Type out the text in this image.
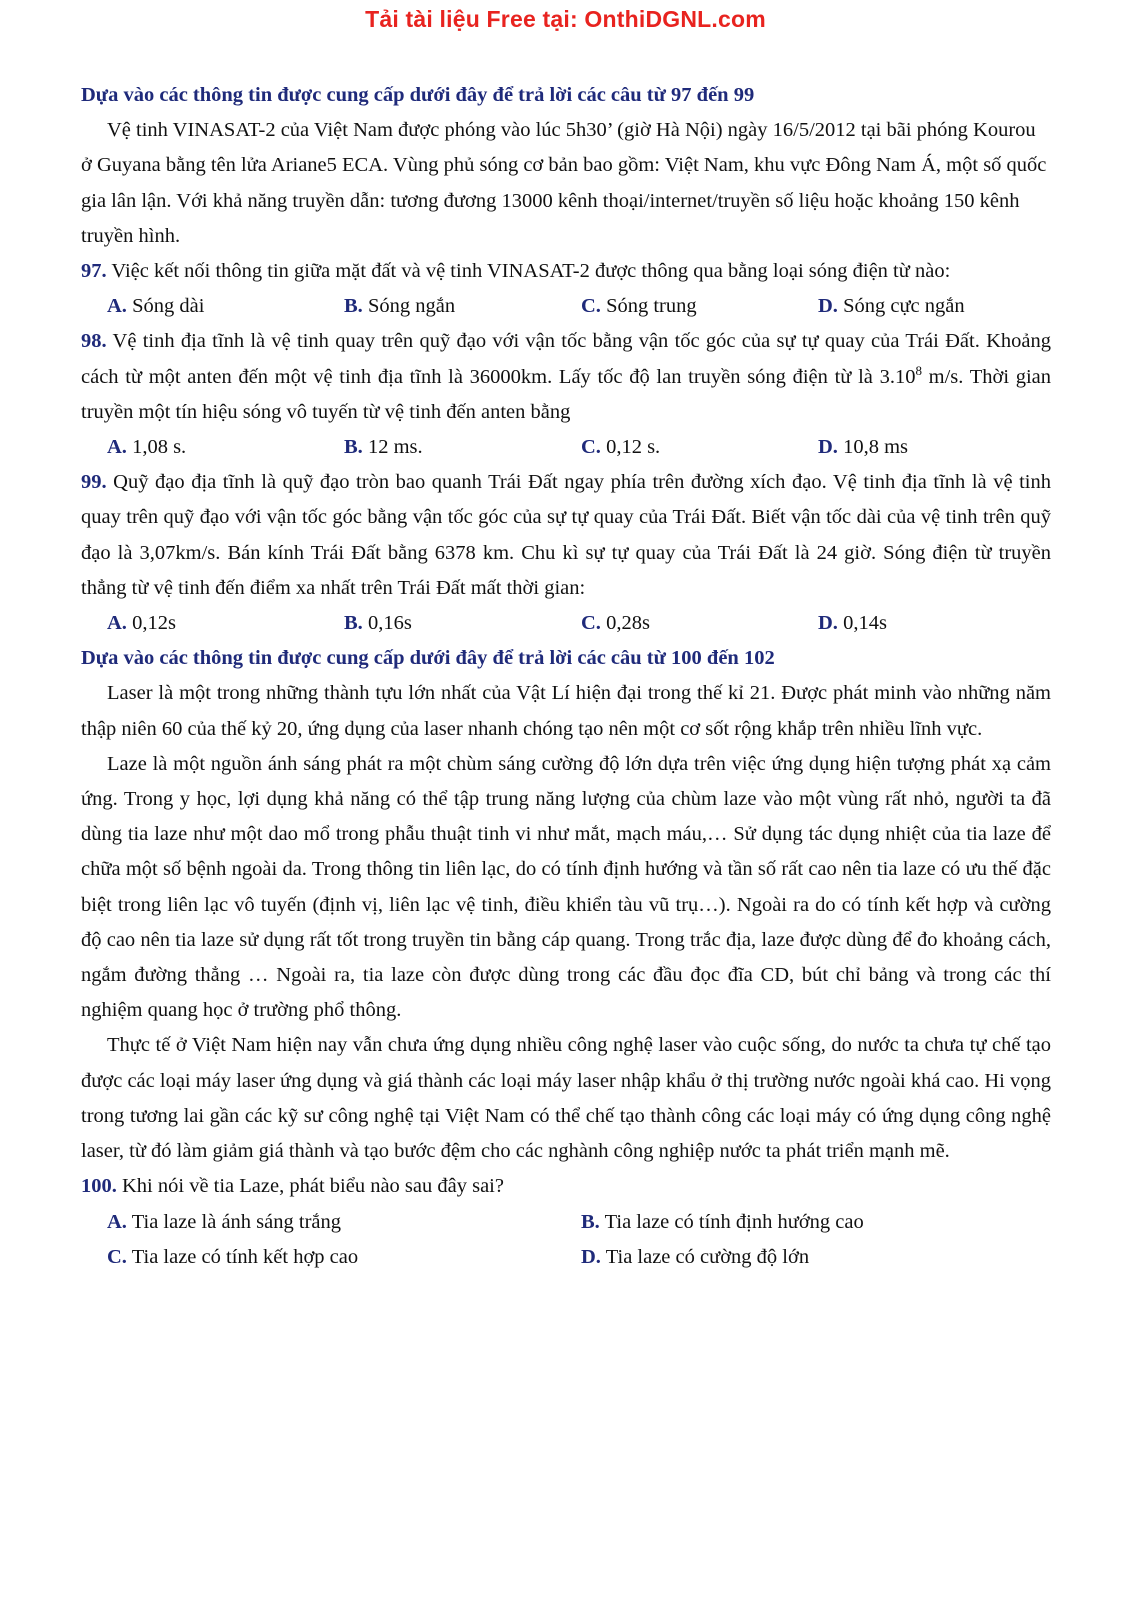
Tải tài liệu Free tại: OnthiDGNL.com

Dựa vào các thông tin được cung cấp dưới đây để trả lời các câu từ 97 đến 99

Vệ tinh VINASAT-2 của Việt Nam được phóng vào lúc 5h30’ (giờ Hà Nội) ngày 16/5/2012 tại bãi phóng Kourou ở Guyana bằng tên lửa Ariane5 ECA. Vùng phủ sóng cơ bản bao gồm: Việt Nam, khu vực Đông Nam Á, một số quốc gia lân lận. Với khả năng truyền dẫn: tương đương 13000 kênh thoại/internet/truyền số liệu hoặc khoảng 150 kênh truyền hình.

97. Việc kết nối thông tin giữa mặt đất và vệ tinh VINASAT-2 được thông qua bằng loại sóng điện từ nào:

A. Sóng dài	B. Sóng ngắn	C. Sóng trung	D. Sóng cực ngắn

98. Vệ tinh địa tĩnh là vệ tinh quay trên quỹ đạo với vận tốc bằng vận tốc góc của sự tự quay của Trái Đất. Khoảng cách từ một anten đến một vệ tinh địa tĩnh là 36000km. Lấy tốc độ lan truyền sóng điện từ là 3.10$^8$ m/s. Thời gian truyền một tín hiệu sóng vô tuyến từ vệ tinh đến anten bằng

A. 1,08 s.	B. 12 ms.	C. 0,12 s.	D. 10,8 ms

99. Quỹ đạo địa tĩnh là quỹ đạo tròn bao quanh Trái Đất ngay phía trên đường xích đạo. Vệ tinh địa tĩnh là vệ tinh quay trên quỹ đạo với vận tốc góc bằng vận tốc góc của sự tự quay của Trái Đất. Biết vận tốc dài của vệ tinh trên quỹ đạo là 3,07km/s. Bán kính Trái Đất bằng 6378 km. Chu kì sự tự quay của Trái Đất là 24 giờ. Sóng điện từ truyền thẳng từ vệ tinh đến điểm xa nhất trên Trái Đất mất thời gian:

A. 0,12s	B. 0,16s	C. 0,28s	D. 0,14s

Dựa vào các thông tin được cung cấp dưới đây để trả lời các câu từ 100 đến 102

Laser là một trong những thành tựu lớn nhất của Vật Lí hiện đại trong thế kỉ 21. Được phát minh vào những năm thập niên 60 của thế kỷ 20, ứng dụng của laser nhanh chóng tạo nên một cơ sốt rộng khắp trên nhiều lĩnh vực.

Laze là một nguồn ánh sáng phát ra một chùm sáng cường độ lớn dựa trên việc ứng dụng hiện tượng phát xạ cảm ứng. Trong y học, lợi dụng khả năng có thể tập trung năng lượng của chùm laze vào một vùng rất nhỏ, người ta đã dùng tia laze như một dao mổ trong phẫu thuật tinh vi như mắt, mạch máu,… Sử dụng tác dụng nhiệt của tia laze để chữa một số bệnh ngoài da. Trong thông tin liên lạc, do có tính định hướng và tần số rất cao nên tia laze có ưu thế đặc biệt trong liên lạc vô tuyến (định vị, liên lạc vệ tinh, điều khiển tàu vũ trụ…). Ngoài ra do có tính kết hợp và cường độ cao nên tia laze sử dụng rất tốt trong truyền tin bằng cáp quang. Trong trắc địa, laze được dùng để đo khoảng cách, ngắm đường thẳng … Ngoài ra, tia laze còn được dùng trong các đầu đọc đĩa CD, bút chỉ bảng và trong các thí nghiệm quang học ở trường phổ thông.

Thực tế ở Việt Nam hiện nay vẫn chưa ứng dụng nhiều công nghệ laser vào cuộc sống, do nước ta chưa tự chế tạo được các loại máy laser ứng dụng và giá thành các loại máy laser nhập khẩu ở thị trường nước ngoài khá cao. Hi vọng trong tương lai gần các kỹ sư công nghệ tại Việt Nam có thể chế tạo thành công các loại máy có ứng dụng công nghệ laser, từ đó làm giảm giá thành và tạo bước đệm cho các nghành công nghiệp nước ta phát triển mạnh mẽ.

100. Khi nói về tia Laze, phát biểu nào sau đây sai?

A. Tia laze là ánh sáng trắng	B. Tia laze có tính định hướng cao
C. Tia laze có tính kết hợp cao	D. Tia laze có cường độ lớn
